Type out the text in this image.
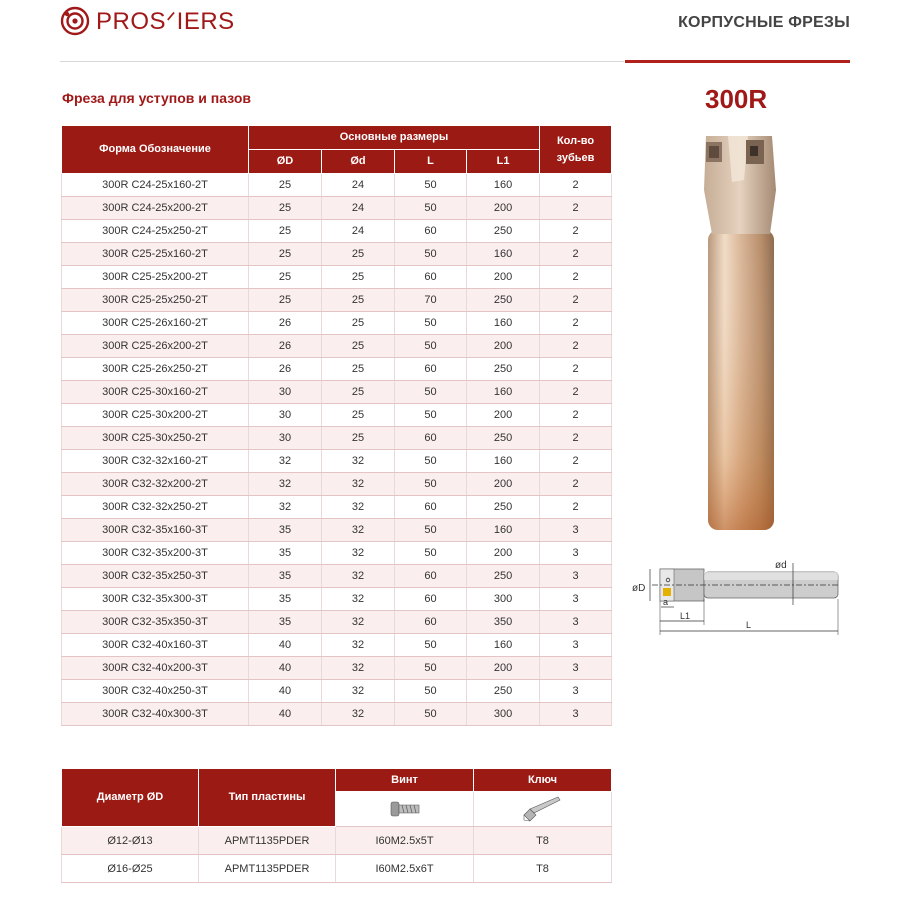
PROSᐟIERS	КОРПУСНЫЕ ФРЕЗЫ
Фреза для уступов и пазов	300R
Форма Обозначение	Основные размеры				Кол-во зубьев
	ØD	Ød	L	L1	
300R C24-25x160-2T	25	24	50	160	2
300R C24-25x200-2T	25	24	50	200	2
300R C24-25x250-2T	25	24	60	250	2
300R C25-25x160-2T	25	25	50	160	2
300R C25-25x200-2T	25	25	60	200	2
300R C25-25x250-2T	25	25	70	250	2
300R C25-26x160-2T	26	25	50	160	2
300R C25-26x200-2T	26	25	50	200	2
300R C25-26x250-2T	26	25	60	250	2
300R C25-30x160-2T	30	25	50	160	2
300R C25-30x200-2T	30	25	50	200	2
300R C25-30x250-2T	30	25	60	250	2
300R C32-32x160-2T	32	32	50	160	2
300R C32-32x200-2T	32	32	50	200	2
300R C32-32x250-2T	32	32	60	250	2
300R C32-35x160-3T	35	32	50	160	3
300R C32-35x200-3T	35	32	50	200	3
300R C32-35x250-3T	35	32	60	250	3
300R C32-35x300-3T	35	32	60	300	3
300R C32-35x350-3T	35	32	60	350	3
300R C32-40x160-3T	40	32	50	160	3
300R C32-40x200-3T	40	32	50	200	3
300R C32-40x250-3T	40	32	50	250	3
300R C32-40x300-3T	40	32	50	300	3
ød
øD
a
L1
L
Диаметр ØD	Тип пластины	Винт	Ключ

Ø12-Ø13	APMT1135PDER	I60M2.5x5T	T8
Ø16-Ø25	APMT1135PDER	I60M2.5x6T	T8
